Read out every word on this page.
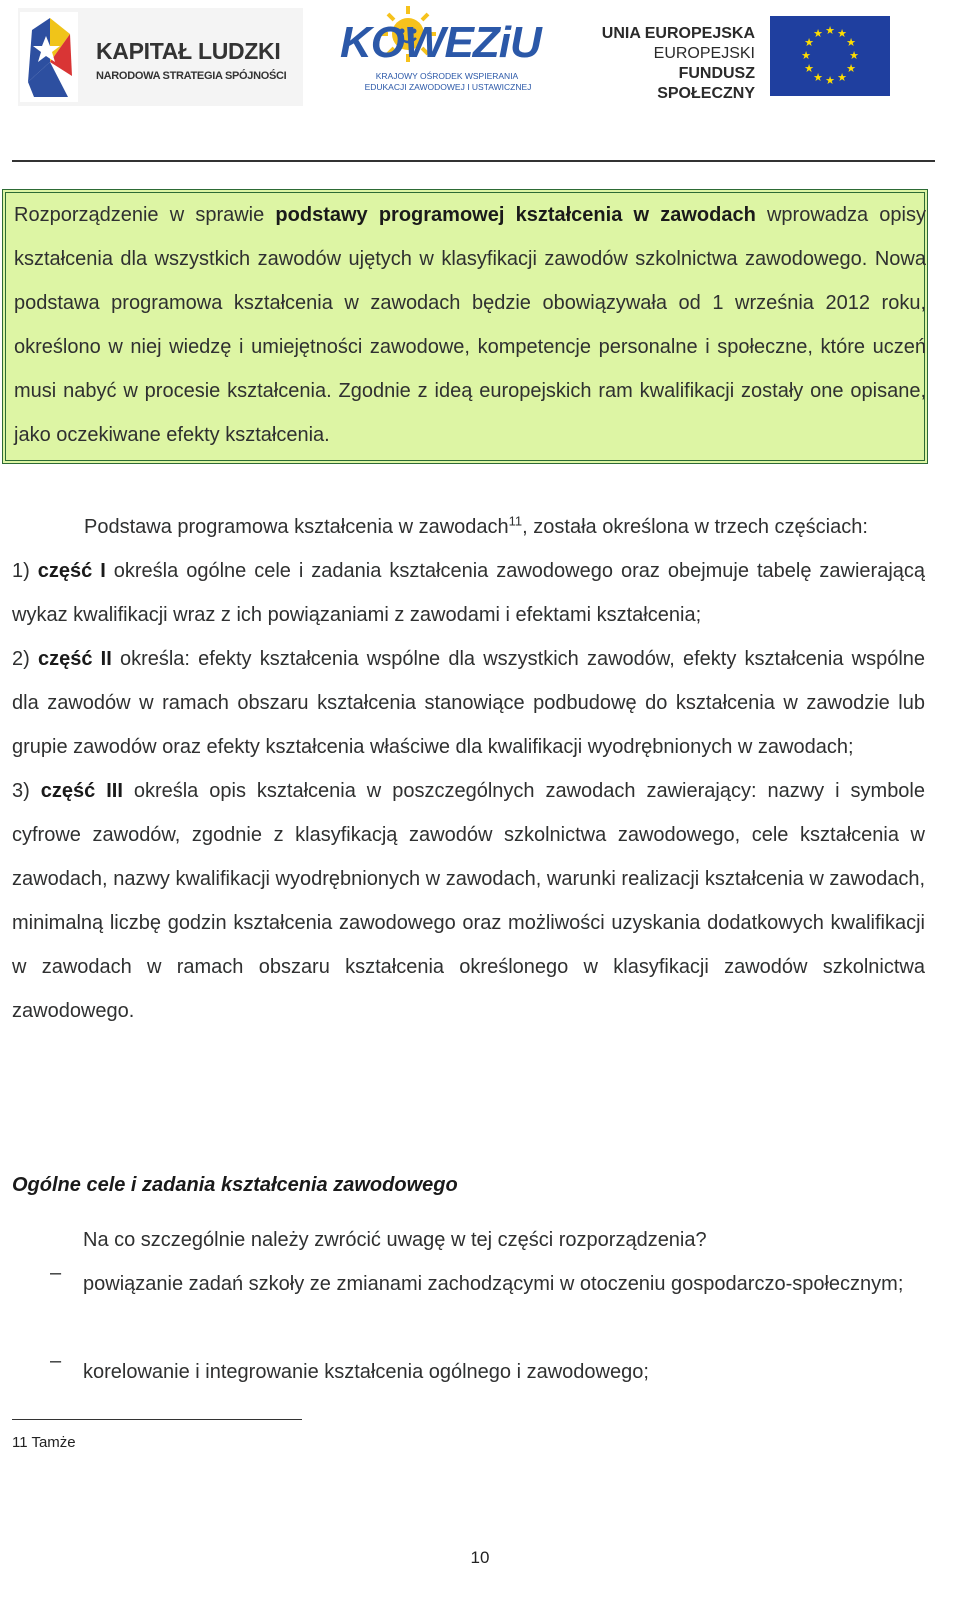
KAPITAŁ LUDZKI
NARODOWA STRATEGIA SPÓJNOŚCI
KOWEZiU
KRAJOWY OŚRODEK WSPIERANIA
EDUKACJI ZAWODOWEJ I USTAWICZNEJ
UNIA EUROPEJSKA
EUROPEJSKI
FUNDUSZ SPOŁECZNY
★ ★
★
★
★
★
★
★
★
★
★
★
Rozporządzenie w sprawie podstawy programowej kształcenia w zawodach wprowadza opisy kształcenia dla wszystkich zawodów ujętych w klasyfikacji zawodów szkolnictwa zawodowego. Nowa podstawa programowa kształcenia w zawodach będzie obowiązywała od 1 września 2012 roku, określono w niej wiedzę i umiejętności zawodowe, kompetencje personalne i społeczne, które uczeń musi nabyć w procesie kształcenia. Zgodnie z ideą europejskich ram kwalifikacji zostały one opisane, jako oczekiwane efekty kształcenia.
Podstawa programowa kształcenia w zawodach$^{11}$, została określona w trzech częściach:
1) część I określa ogólne cele i zadania kształcenia zawodowego oraz obejmuje tabelę zawierającą wykaz kwalifikacji wraz z ich powiązaniami z zawodami i efektami kształcenia;
2) część II określa: efekty kształcenia wspólne dla wszystkich zawodów, efekty kształcenia wspólne dla zawodów w ramach obszaru kształcenia stanowiące podbudowę do kształcenia w zawodzie lub grupie zawodów oraz efekty kształcenia właściwe dla kwalifikacji wyodrębnionych w zawodach;
3) część III określa opis kształcenia w poszczególnych zawodach zawierający: nazwy i symbole cyfrowe zawodów, zgodnie z klasyfikacją zawodów szkolnictwa zawodowego, cele kształcenia w zawodach, nazwy kwalifikacji wyodrębnionych w zawodach, warunki realizacji kształcenia w zawodach, minimalną liczbę godzin kształcenia zawodowego oraz możliwości uzyskania dodatkowych kwalifikacji w zawodach w ramach obszaru kształcenia określonego w klasyfikacji zawodów szkolnictwa zawodowego.
Ogólne cele i zadania kształcenia zawodowego
Na co szczególnie należy zwrócić uwagę w tej części rozporządzenia?
– powiązanie zadań szkoły ze zmianami zachodzącymi w otoczeniu gospodarczo-społecznym;
– korelowanie i integrowanie kształcenia ogólnego i zawodowego;
11 Tamże
10
